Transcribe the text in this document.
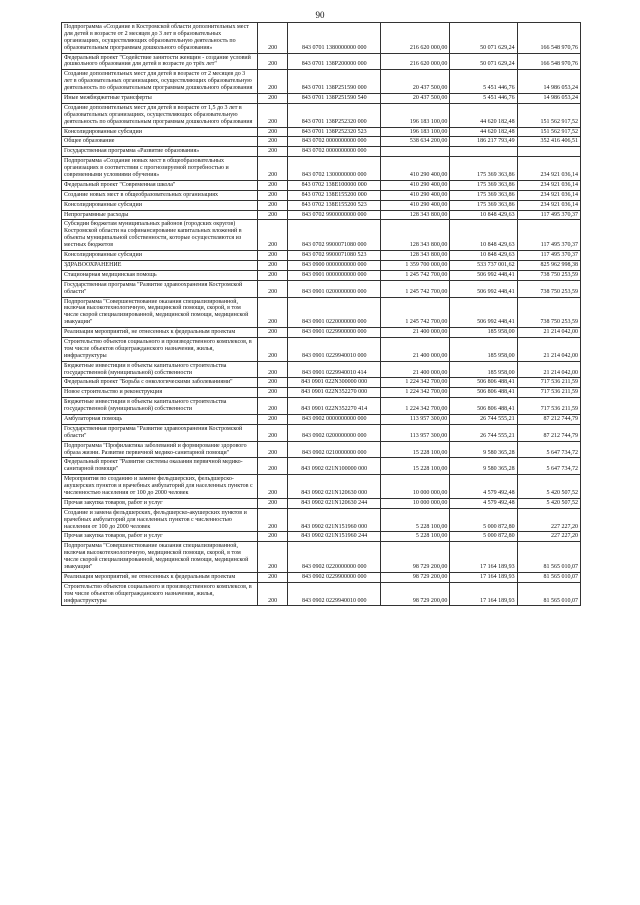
90
Подпрограмма «Создание в Костромской области дополнительных мест для детей в возрасте от 2 месяцев до 3 лет в образовательных организациях, осуществляющих образовательную деятельность по образовательным программам дошкольного образования»	200	843 0701 1380000000 000	216 620 000,00	50 071 629,24	166 548 970,76
Федеральный проект "Содействие занятости женщин - создание условий дошкольного образования для детей в возрасте до трёх лет"	200	843 0701 138P200000 000	216 620 000,00	50 071 629,24	166 548 970,76
Создание дополнительных мест для детей в возрасте от 2 месяцев до 3 лет в образовательных организациях, осуществляющих образовательную деятельность по образовательным программам дошкольного образования	200	843 0701 138P251590 000	20 437 500,00	5 451 446,76	14 986 053,24
Иные межбюджетные трансферты	200	843 0701 138P251590 540	20 437 500,00	5 451 446,76	14 986 053,24
Создание дополнительных мест для детей в возрасте от 1,5 до 3 лет в образовательных организациях, осуществляющих образовательную деятельность по образовательным программам дошкольного образования	200	843 0701 138P252320 000	196 183 100,00	44 620 182,48	151 562 917,52
Консолидированные субсидии	200	843 0701 138P252320 523	196 183 100,00	44 620 182,48	151 562 917,52
Общее образование	200	843 0702 0000000000 000	538 634 200,00	186 217 793,49	352 416 406,51
Государственная программа «Развитие образования»	200	843 0702 0000000000 000			
Подпрограмма «Создание новых мест в общеобразовательных организациях в соответствии с прогнозируемой потребностью и современными условиями обучения»	200	843 0702 1300000000 000	410 290 400,00	175 369 363,86	234 921 036,14
Федеральный проект "Современная школа"	200	843 0702 138E100000 000	410 290 400,00	175 369 363,86	234 921 036,14
Создание новых мест в общеобразовательных организациях	200	843 0702 138E155200 000	410 290 400,00	175 369 363,86	234 921 036,14
Консолидированные субсидии	200	843 0702 138E155200 523	410 290 400,00	175 369 363,86	234 921 036,14
Непрограммные расходы	200	843 0702 9900000000 000	128 343 800,00	10 848 429,63	117 495 370,37
Субсидии бюджетам муниципальных районов (городских округов) Костромской области на софинансирование капитальных вложений в объекты муниципальной собственности, которые осуществляются из местных бюджетов	200	843 0702 9900071080 000	128 343 800,00	10 848 429,63	117 495 370,37
Консолидированные субсидии	200	843 0702 9900071080 523	128 343 800,00	10 848 429,63	117 495 370,37
ЗДРАВООХРАНЕНИЕ	200	843 0900 0000000000 000	1 359 700 000,00	533 737 001,62	825 962 998,38
Стационарная медицинская помощь	200	843 0901 0000000000 000	1 245 742 700,00	506 992 448,41	738 750 253,59
Государственная программа "Развитие здравоохранения Костромской области"	200	843 0901 0200000000 000	1 245 742 700,00	506 992 448,41	738 750 253,59
Подпрограмма "Совершенствование оказания специализированной, включая высокотехнологичную, медицинской помощи, скорой, в том числе скорой специализированной, медицинской помощи, медицинской эвакуации"	200	843 0901 0220000000 000	1 245 742 700,00	506 992 448,41	738 750 253,59
Реализация мероприятий, не отнесенных к федеральным проектам	200	843 0901 0229900000 000	21 400 000,00	185 958,00	21 214 042,00
Строительство объектов социального и производственного комплексов, в том числе объектов общегражданского назначения, жилья, инфраструктуры	200	843 0901 0229940010 000	21 400 000,00	185 958,00	21 214 042,00
Бюджетные инвестиции в объекты капитального строительства государственной (муниципальной) собственности	200	843 0901 0229940010 414	21 400 000,00	185 958,00	21 214 042,00
Федеральный проект "Борьба с онкологическими заболеваниями"	200	843 0901 022N300000 000	1 224 342 700,00	506 806 488,41	717 536 211,59
Новое строительство и реконструкция	200	843 0901 022N352270 000	1 224 342 700,00	506 806 488,41	717 536 211,59
Бюджетные инвестиции в объекты капитального строительства государственной (муниципальной) собственности	200	843 0901 022N352270 414	1 224 342 700,00	506 806 488,41	717 536 211,59
Амбулаторная помощь	200	843 0902 0000000000 000	113 957 300,00	26 744 555,21	87 212 744,79
Государственная программа "Развитие здравоохранения Костромской области"	200	843 0902 0200000000 000	113 957 300,00	26 744 555,21	87 212 744,79
Подпрограмма "Профилактика заболеваний и формирование здорового образа жизни. Развитие первичной медико-санитарной помощи"	200	843 0902 0210000000 000	15 228 100,00	9 580 365,28	5 647 734,72
Федеральный проект "Развитие системы оказания первичной медико-санитарной помощи"	200	843 0902 021N100000 000	15 228 100,00	9 580 365,28	5 647 734,72
Мероприятия по созданию и замене фельдшерских, фельдшерско-акушерских пунктов и врачебных амбулаторий для населенных пунктов с численностью населения от 100 до 2000 человек	200	843 0902 021N120630 000	10 000 000,00	4 579 492,48	5 420 507,52
Прочая закупка товаров, работ и услуг	200	843 0902 021N120630 244	10 000 000,00	4 579 492,48	5 420 507,52
Создание и замена фельдшерских, фельдшерско-акушерских пунктов и врачебных амбулаторий для населенных пунктов с численностью населения от 100 до 2000 человек	200	843 0902 021N151960 000	5 228 100,00	5 000 872,80	227 227,20
Прочая закупка товаров, работ и услуг	200	843 0902 021N151960 244	5 228 100,00	5 000 872,80	227 227,20
Подпрограмма "Совершенствование оказания специализированной, включая высокотехнологичную, медицинской помощи, скорой, в том числе скорой специализированной, медицинской помощи, медицинской эвакуации"	200	843 0902 0220000000 000	98 729 200,00	17 164 189,93	81 565 010,07
Реализация мероприятий, не отнесенных к федеральным проектам	200	843 0902 0229900000 000	98 729 200,00	17 164 189,93	81 565 010,07
Строительство объектов социального и производственного комплексов, в том числе объектов общегражданского назначения, жилья, инфраструктуры	200	843 0902 0229940010 000	98 729 200,00	17 164 189,93	81 565 010,07
